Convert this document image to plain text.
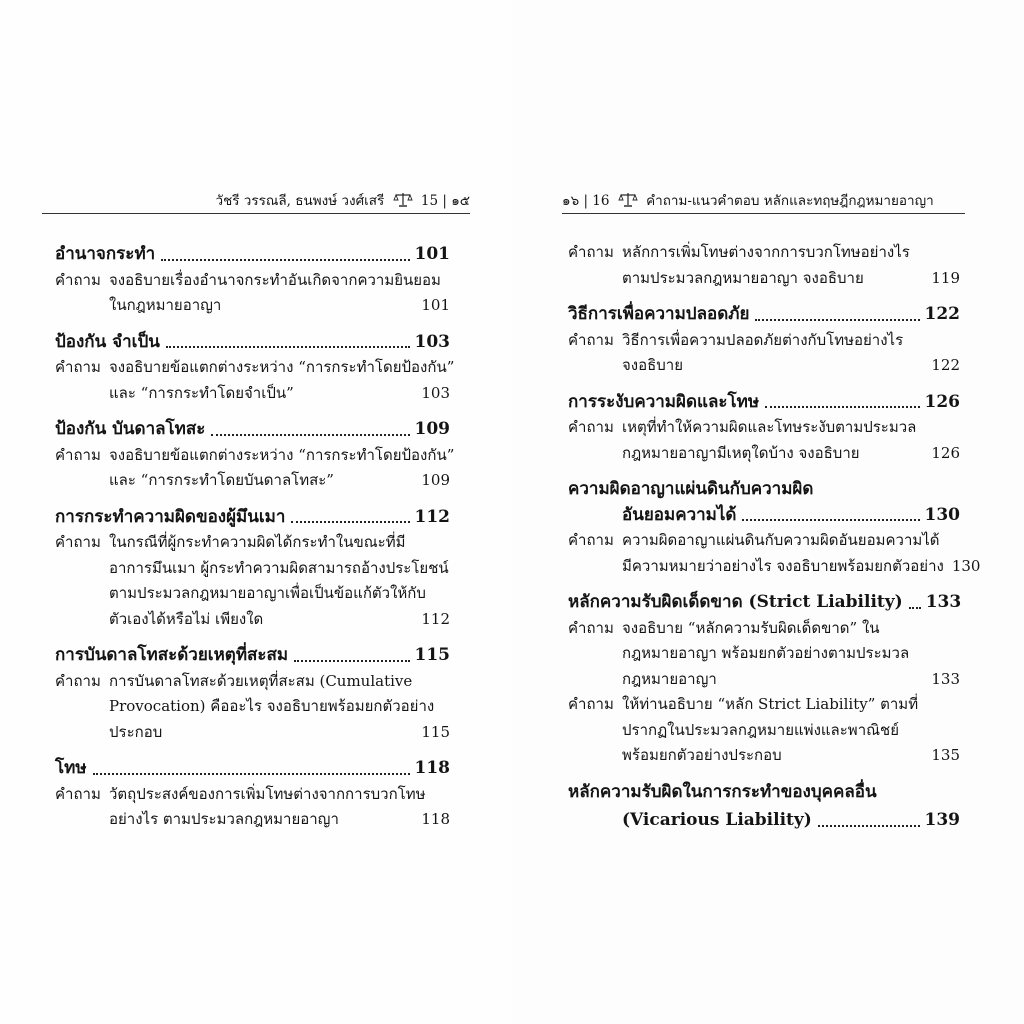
วัชรี วรรณลี, ธนพงษ์ วงศ์เสรี	15 | ๑๕	๑๖ | 16	คำถาม-แนวคำตอบ หลักและทฤษฎีกฎหมายอาญา
อำนาจกระทำ	101
คำถาม จงอธิบายเรื่องอำนาจกระทำอันเกิดจากความยินยอม
ในกฎหมายอาญา	101
ป้องกัน จำเป็น	103
คำถาม จงอธิบายข้อแตกต่างระหว่าง “การกระทำโดยป้องกัน”
และ “การกระทำโดยจำเป็น”	103
ป้องกัน บันดาลโทสะ	109
คำถาม จงอธิบายข้อแตกต่างระหว่าง “การกระทำโดยป้องกัน”
และ “การกระทำโดยบันดาลโทสะ”	109
การกระทำความผิดของผู้มึนเมา	112
คำถาม ในกรณีที่ผู้กระทำความผิดได้กระทำในขณะที่มี
อาการมึนเมา ผู้กระทำความผิดสามารถอ้างประโยชน์
ตามประมวลกฎหมายอาญาเพื่อเป็นข้อแก้ตัวให้กับ
ตัวเองได้หรือไม่ เพียงใด	112
การบันดาลโทสะด้วยเหตุที่สะสม	115
คำถาม การบันดาลโทสะด้วยเหตุที่สะสม (Cumulative
Provocation) คืออะไร จงอธิบายพร้อมยกตัวอย่าง
ประกอบ	115
โทษ	118
คำถาม วัตถุประสงค์ของการเพิ่มโทษต่างจากการบวกโทษ
อย่างไร ตามประมวลกฎหมายอาญา	118
คำถาม หลักการเพิ่มโทษต่างจากการบวกโทษอย่างไร
ตามประมวลกฎหมายอาญา จงอธิบาย	119
วิธีการเพื่อความปลอดภัย	122
คำถาม วิธีการเพื่อความปลอดภัยต่างกับโทษอย่างไร
จงอธิบาย	122
การระงับความผิดและโทษ	126
คำถาม เหตุที่ทำให้ความผิดและโทษระงับตามประมวล
กฎหมายอาญามีเหตุใดบ้าง จงอธิบาย	126
ความผิดอาญาแผ่นดินกับความผิด
อันยอมความได้	130
คำถาม ความผิดอาญาแผ่นดินกับความผิดอันยอมความได้
มีความหมายว่าอย่างไร จงอธิบายพร้อมยกตัวอย่าง 130
หลักความรับผิดเด็ดขาด (Strict Liability) 133
คำถาม จงอธิบาย “หลักความรับผิดเด็ดขาด” ใน
กฎหมายอาญา พร้อมยกตัวอย่างตามประมวล
กฎหมายอาญา	133
คำถาม ให้ท่านอธิบาย “หลัก Strict Liability” ตามที่
ปรากฏในประมวลกฎหมายแพ่งและพาณิชย์
พร้อมยกตัวอย่างประกอบ	135
หลักความรับผิดในการกระทำของบุคคลอื่น
(Vicarious Liability)	139
